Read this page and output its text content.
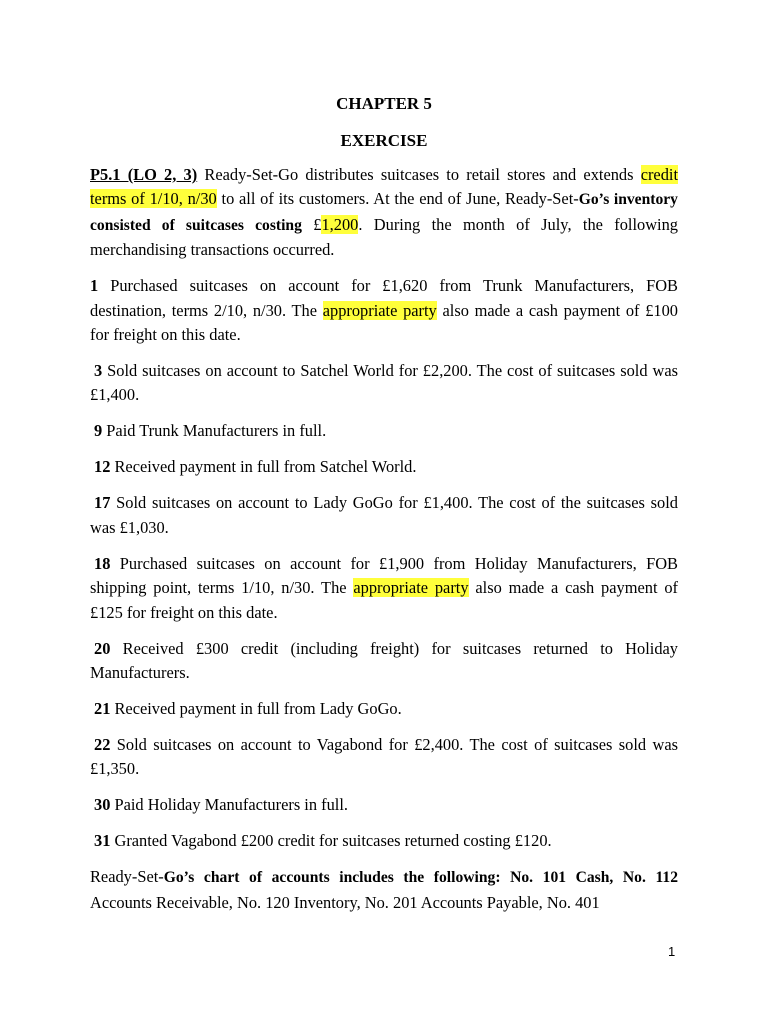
CHAPTER 5
EXERCISE

P5.1 (LO 2, 3) Ready-Set-Go distributes suitcases to retail stores and extends credit terms of 1/10, n/30 to all of its customers. At the end of June, Ready-Set-Go’s inventory consisted of suitcases costing £1,200. During the month of July, the following merchandising transactions occurred.

1 Purchased suitcases on account for £1,620 from Trunk Manufacturers, FOB destination, terms 2/10, n/30. The appropriate party also made a cash payment of £100 for freight on this date.

3 Sold suitcases on account to Satchel World for £2,200. The cost of suitcases sold was £1,400.

9 Paid Trunk Manufacturers in full.

12 Received payment in full from Satchel World.

17 Sold suitcases on account to Lady GoGo for £1,400. The cost of the suitcases sold was £1,030.

18 Purchased suitcases on account for £1,900 from Holiday Manufacturers, FOB shipping point, terms 1/10, n/30. The appropriate party also made a cash payment of £125 for freight on this date.

20 Received £300 credit (including freight) for suitcases returned to Holiday Manufacturers.

21 Received payment in full from Lady GoGo.

22 Sold suitcases on account to Vagabond for £2,400. The cost of suitcases sold was £1,350.

30 Paid Holiday Manufacturers in full.

31 Granted Vagabond £200 credit for suitcases returned costing £120.

Ready-Set-Go’s chart of accounts includes the following: No. 101 Cash, No. 112 Accounts Receivable, No. 120 Inventory, No. 201 Accounts Payable, No. 401

1
